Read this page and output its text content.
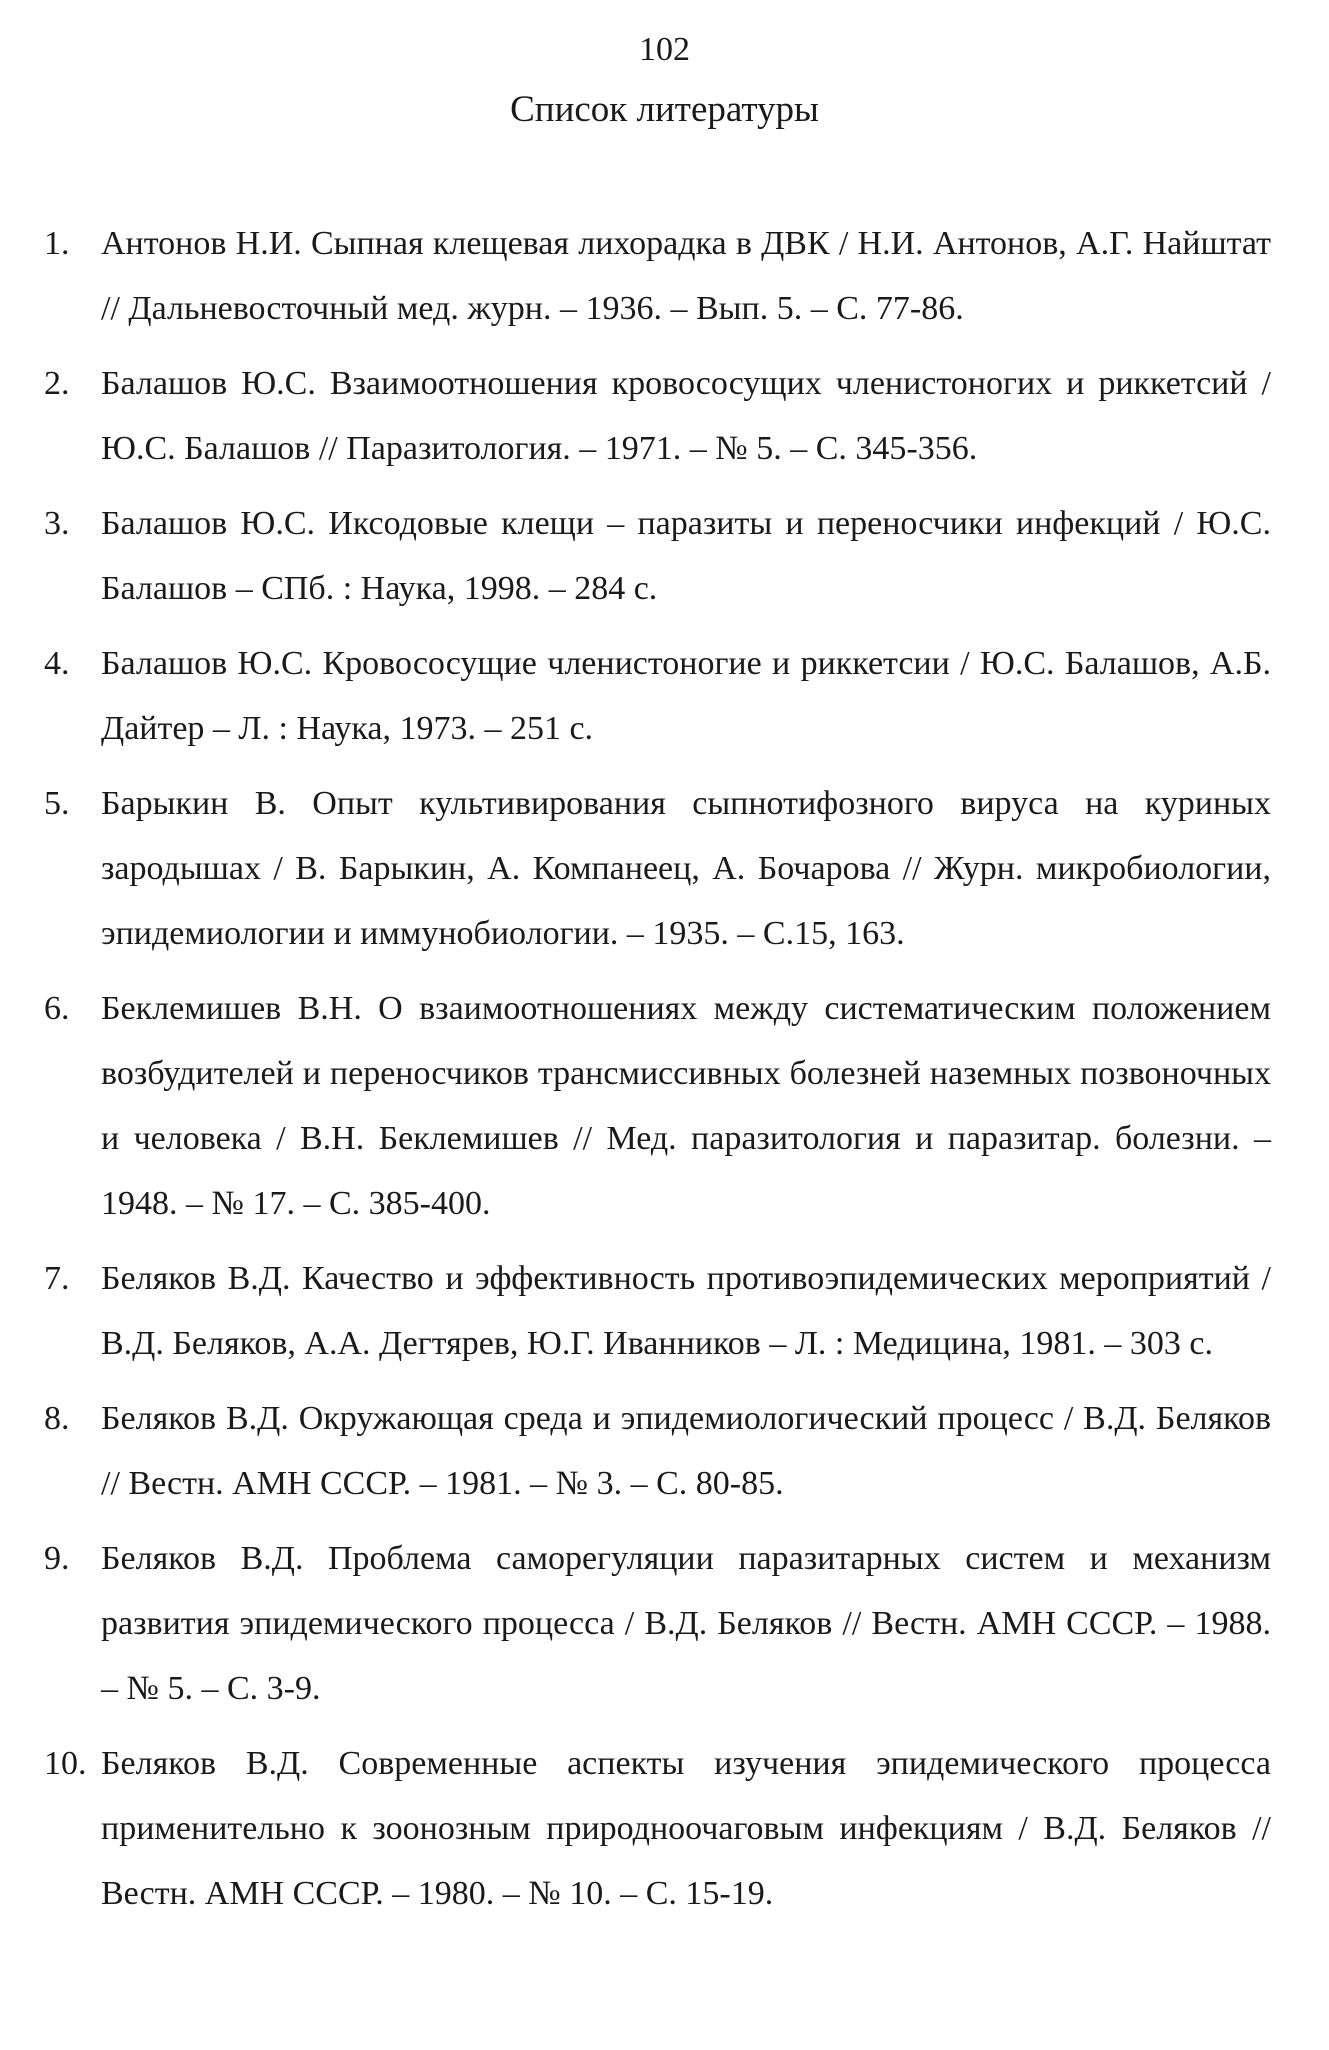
102

Список литературы
1. Антонов Н.И. Сыпная клещевая лихорадка в ДВК / Н.И. Антонов, А.Г. Найштат // Дальневосточный мед. журн. – 1936. – Вып. 5. – С. 77-86.
2. Балашов Ю.С. Взаимоотношения кровососущих членистоногих и риккетсий / Ю.С. Балашов // Паразитология. – 1971. – № 5. – С. 345-356.
3. Балашов Ю.С. Иксодовые клещи – паразиты и переносчики инфекций / Ю.С. Балашов – СПб. : Наука, 1998. – 284 с.
4. Балашов Ю.С. Кровососущие членистоногие и риккетсии / Ю.С. Балашов, А.Б. Дайтер – Л. : Наука, 1973. – 251 с.
5. Барыкин В. Опыт культивирования сыпнотифозного вируса на куриных зародышах / В. Барыкин, А. Компанеец, А. Бочарова // Журн. микробиологии, эпидемиологии и иммунобиологии. – 1935. – С.15, 163.
6. Беклемишев В.Н. О взаимоотношениях между систематическим положением возбудителей и переносчиков трансмиссивных болезней наземных позвоночных и человека / В.Н. Беклемишев // Мед. паразитология и паразитар. болезни. – 1948. – № 17. – С. 385-400.
7. Беляков В.Д. Качество и эффективность противоэпидемических мероприятий / В.Д. Беляков, А.А. Дегтярев, Ю.Г. Иванников – Л. : Медицина, 1981. – 303 с.
8. Беляков В.Д. Окружающая среда и эпидемиологический процесс / В.Д. Беляков // Вестн. АМН СССР. – 1981. – № 3. – С. 80-85.
9. Беляков В.Д. Проблема саморегуляции паразитарных систем и механизм развития эпидемического процесса / В.Д. Беляков // Вестн. АМН СССР. – 1988. – № 5. – С. 3-9.
10. Беляков В.Д. Современные аспекты изучения эпидемического процесса применительно к зоонозным природноочаговым инфекциям / В.Д. Беляков // Вестн. АМН СССР. – 1980. – № 10. – С. 15-19.
